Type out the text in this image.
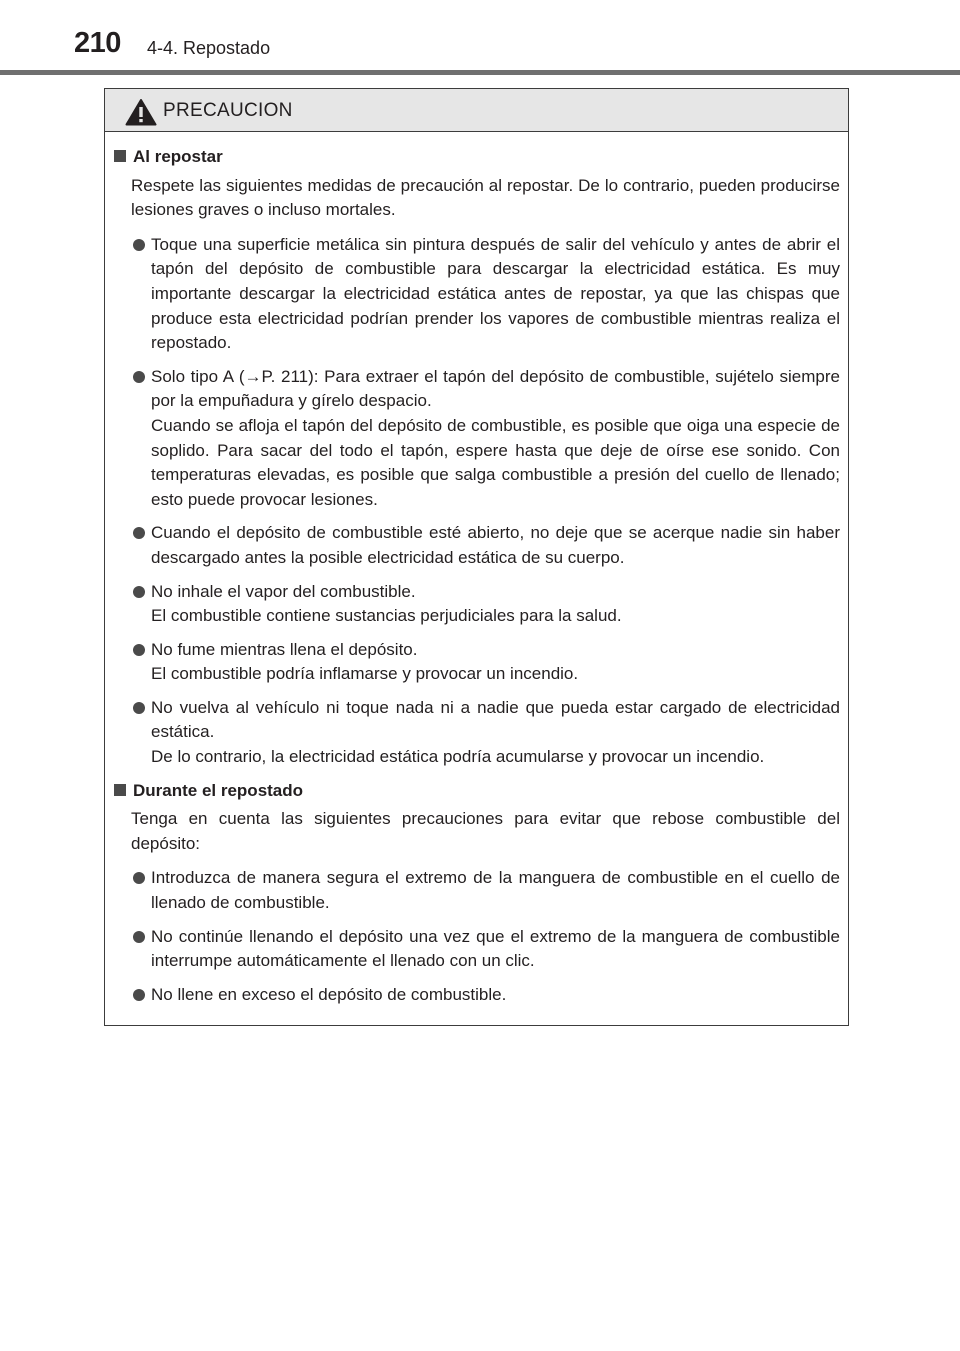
210 4-4. Repostado
PRECAUCION
Al repostar
Respete las siguientes medidas de precaución al repostar. De lo contrario, pueden producirse lesiones graves o incluso mortales.

Toque una superficie metálica sin pintura después de salir del vehículo y antes de abrir el tapón del depósito de combustible para descargar la electricidad estática. Es muy importante descargar la electricidad estática antes de repostar, ya que las chispas que produce esta electricidad podrían prender los vapores de combustible mientras realiza el repostado.

Solo tipo A (→P. 211): Para extraer el tapón del depósito de combustible, sujételo siempre por la empuñadura y gírelo despacio.

Cuando se afloja el tapón del depósito de combustible, es posible que oiga una especie de soplido. Para sacar del todo el tapón, espere hasta que deje de oírse ese sonido. Con temperaturas elevadas, es posible que salga combustible a presión del cuello de llenado; esto puede provocar lesiones.

Cuando el depósito de combustible esté abierto, no deje que se acerque nadie sin haber descargado antes la posible electricidad estática de su cuerpo.

No inhale el vapor del combustible.

El combustible contiene sustancias perjudiciales para la salud.

No fume mientras llena el depósito.

El combustible podría inflamarse y provocar un incendio.

No vuelva al vehículo ni toque nada ni a nadie que pueda estar cargado de electricidad estática.

De lo contrario, la electricidad estática podría acumularse y provocar un incendio.

Durante el repostado
Tenga en cuenta las siguientes precauciones para evitar que rebose combustible del depósito:

Introduzca de manera segura el extremo de la manguera de combustible en el cuello de llenado de combustible.

No continúe llenando el depósito una vez que el extremo de la manguera de combustible interrumpe automáticamente el llenado con un clic.

No llene en exceso el depósito de combustible.
